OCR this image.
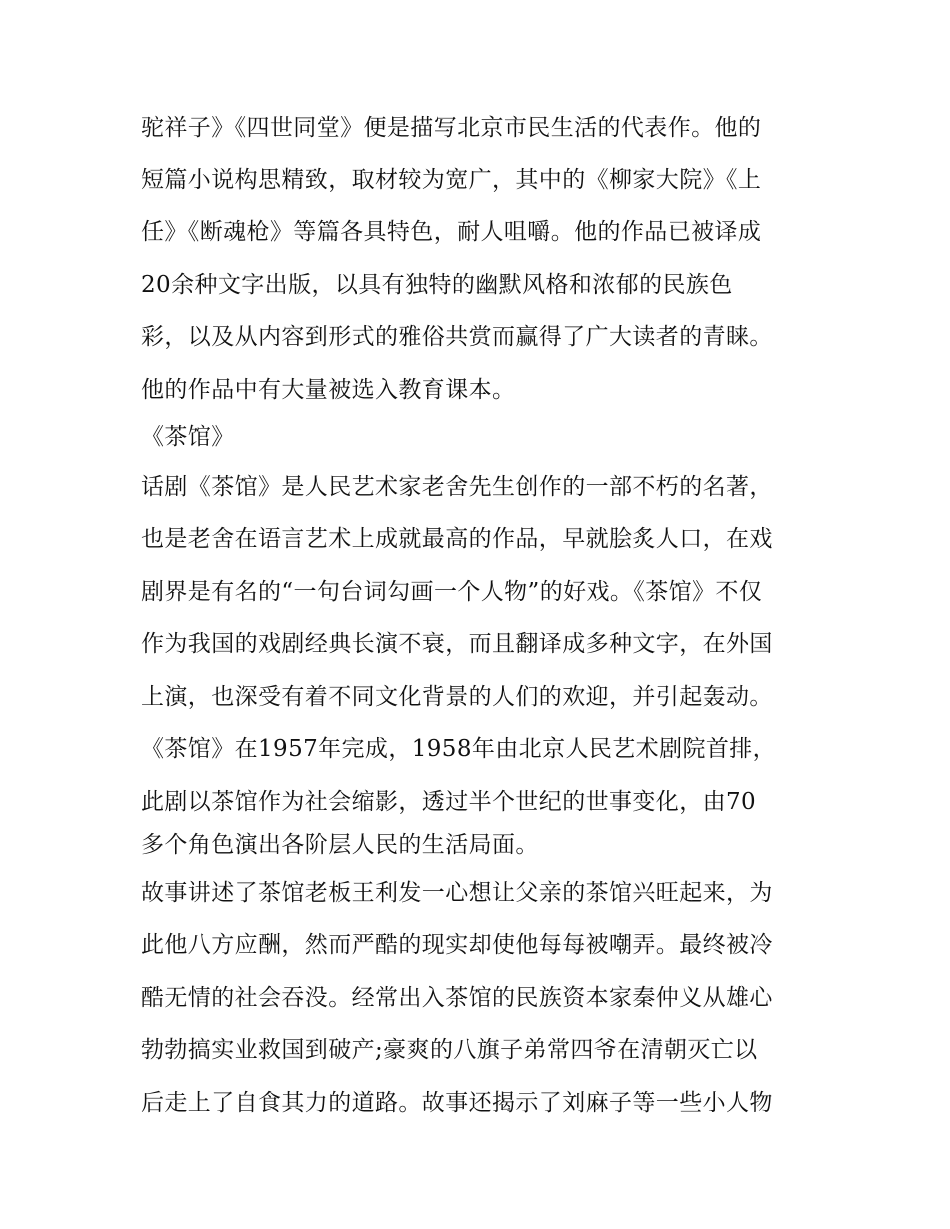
驼祥子》《四世同堂》便是描写北京市民生活的代表作。他的
短篇小说构思精致，取材较为宽广，其中的《柳家大院》《上
任》《断魂枪》等篇各具特色，耐人咀嚼。他的作品已被译成
20余种文字出版，以具有独特的幽默风格和浓郁的民族色
彩，以及从内容到形式的雅俗共赏而赢得了广大读者的青睐。
他的作品中有大量被选入教育课本。
《茶馆》
话剧《茶馆》是人民艺术家老舍先生创作的一部不朽的名著，
也是老舍在语言艺术上成就最高的作品，早就脍炙人口，在戏
剧界是有名的“一句台词勾画一个人物”的好戏。《茶馆》不仅
作为我国的戏剧经典长演不衰，而且翻译成多种文字，在外国
上演，也深受有着不同文化背景的人们的欢迎，并引起轰动。
《茶馆》在1957年完成，1958年由北京人民艺术剧院首排，
此剧以茶馆作为社会缩影，透过半个世纪的世事变化，由70
多个角色演出各阶层人民的生活局面。
故事讲述了茶馆老板王利发一心想让父亲的茶馆兴旺起来，为
此他八方应酬，然而严酷的现实却使他每每被嘲弄。最终被冷
酷无情的社会吞没。经常出入茶馆的民族资本家秦仲义从雄心
勃勃搞实业救国到破产;豪爽的八旗子弟常四爷在清朝灭亡以
后走上了自食其力的道路。故事还揭示了刘麻子等一些小人物
